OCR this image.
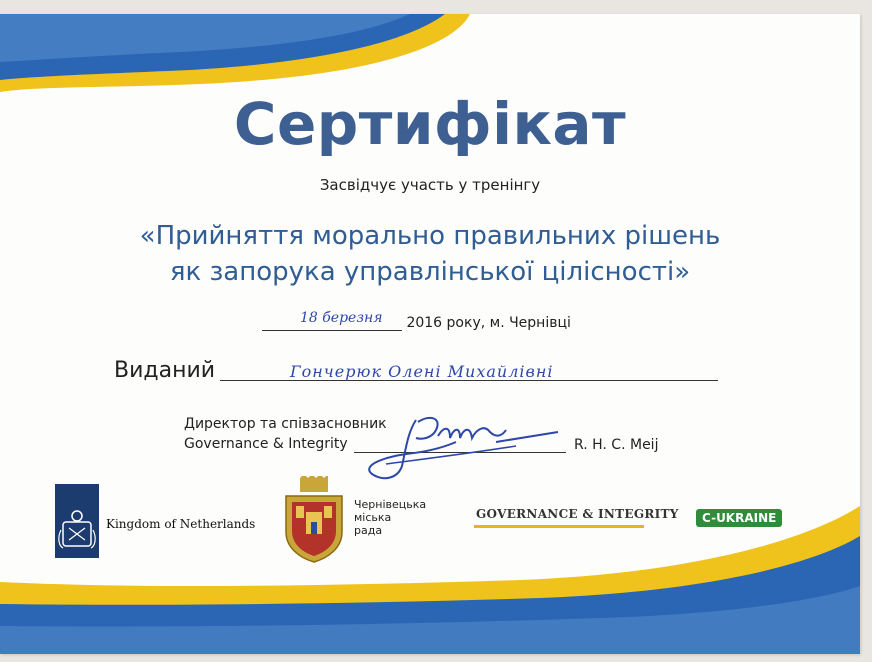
Сертифікат
Засвідчує участь у тренінгу
«Прийняття морально правильних рішень
як запорука управлінської цілісності»
18 березня 2016 року, м. Чернівці
Виданий	Гончерюк Олені Михайлівні
Директор та співзасновник
Governance & Integrity	R. H. C. Meij
Kingdom of Netherlands
Чернівецька
міська
рада
GOVERNANCE & INTEGRITY	C-UKRAINE
